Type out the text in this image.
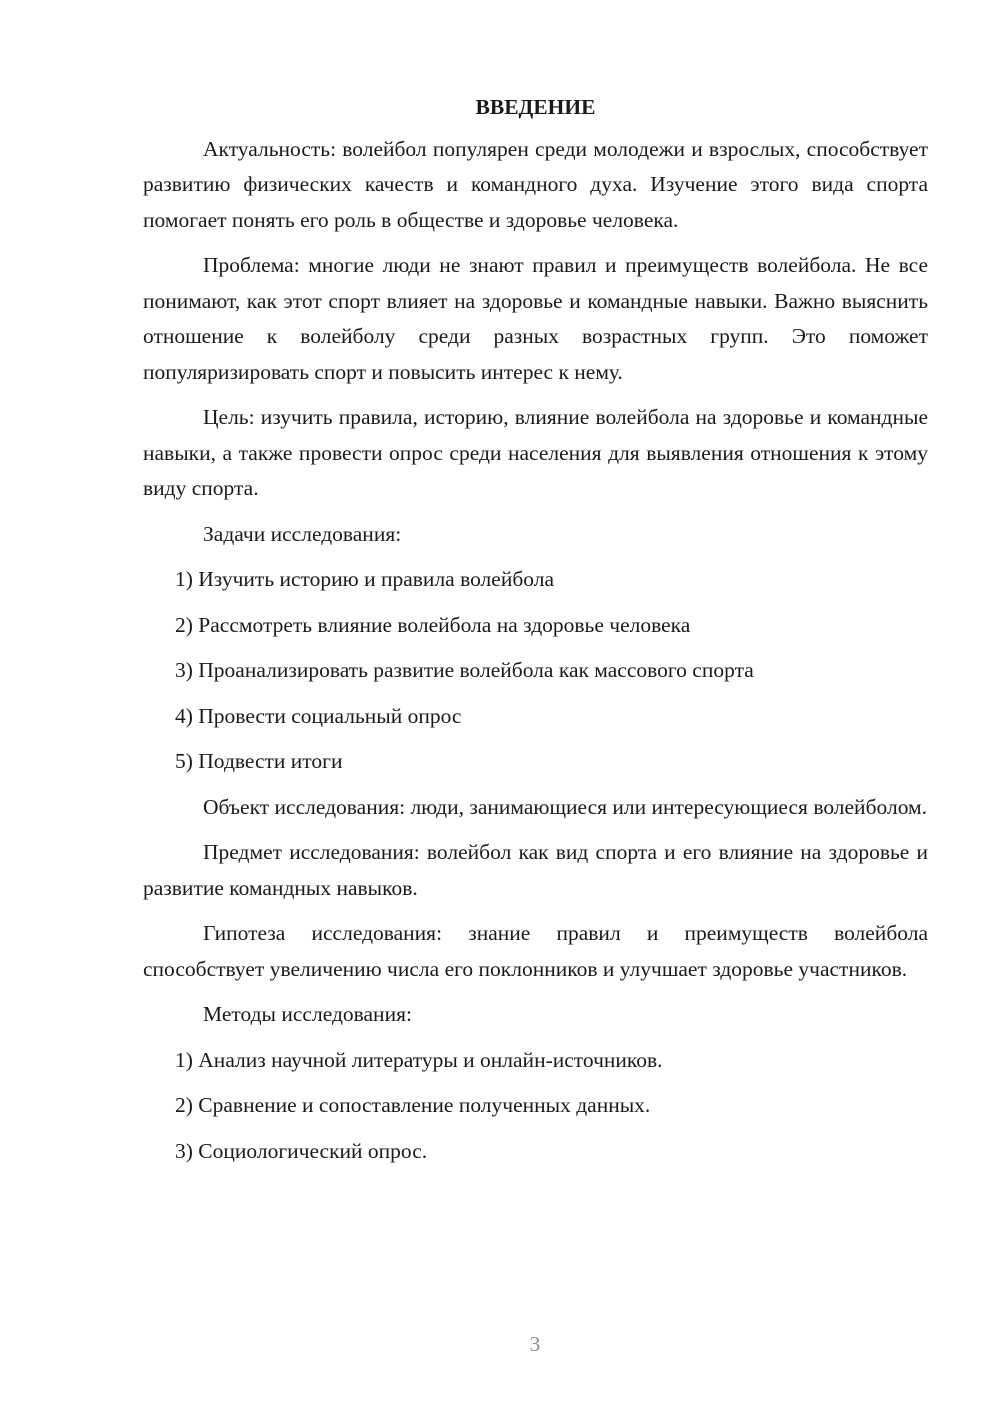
ВВЕДЕНИЕ

Актуальность: волейбол популярен среди молодежи и взрослых, способствует развитию физических качеств и командного духа. Изучение этого вида спорта помогает понять его роль в обществе и здоровье человека.

Проблема: многие люди не знают правил и преимуществ волейбола. Не все понимают, как этот спорт влияет на здоровье и командные навыки. Важно выяснить отношение к волейболу среди разных возрастных групп. Это поможет популяризировать спорт и повысить интерес к нему.

Цель: изучить правила, историю, влияние волейбола на здоровье и командные навыки, а также провести опрос среди населения для выявления отношения к этому виду спорта.

Задачи исследования:

1) Изучить историю и правила волейбола
2) Рассмотреть влияние волейбола на здоровье человека
3) Проанализировать развитие волейбола как массового спорта
4) Провести социальный опрос
5) Подвести итоги

Объект исследования: люди, занимающиеся или интересующиеся волейболом.

Предмет исследования: волейбол как вид спорта и его влияние на здоровье и развитие командных навыков.

Гипотеза исследования: знание правил и преимуществ волейбола способствует увеличению числа его поклонников и улучшает здоровье участников.

Методы исследования:

1) Анализ научной литературы и онлайн-источников.
2) Сравнение и сопоставление полученных данных.
3) Социологический опрос.
3
